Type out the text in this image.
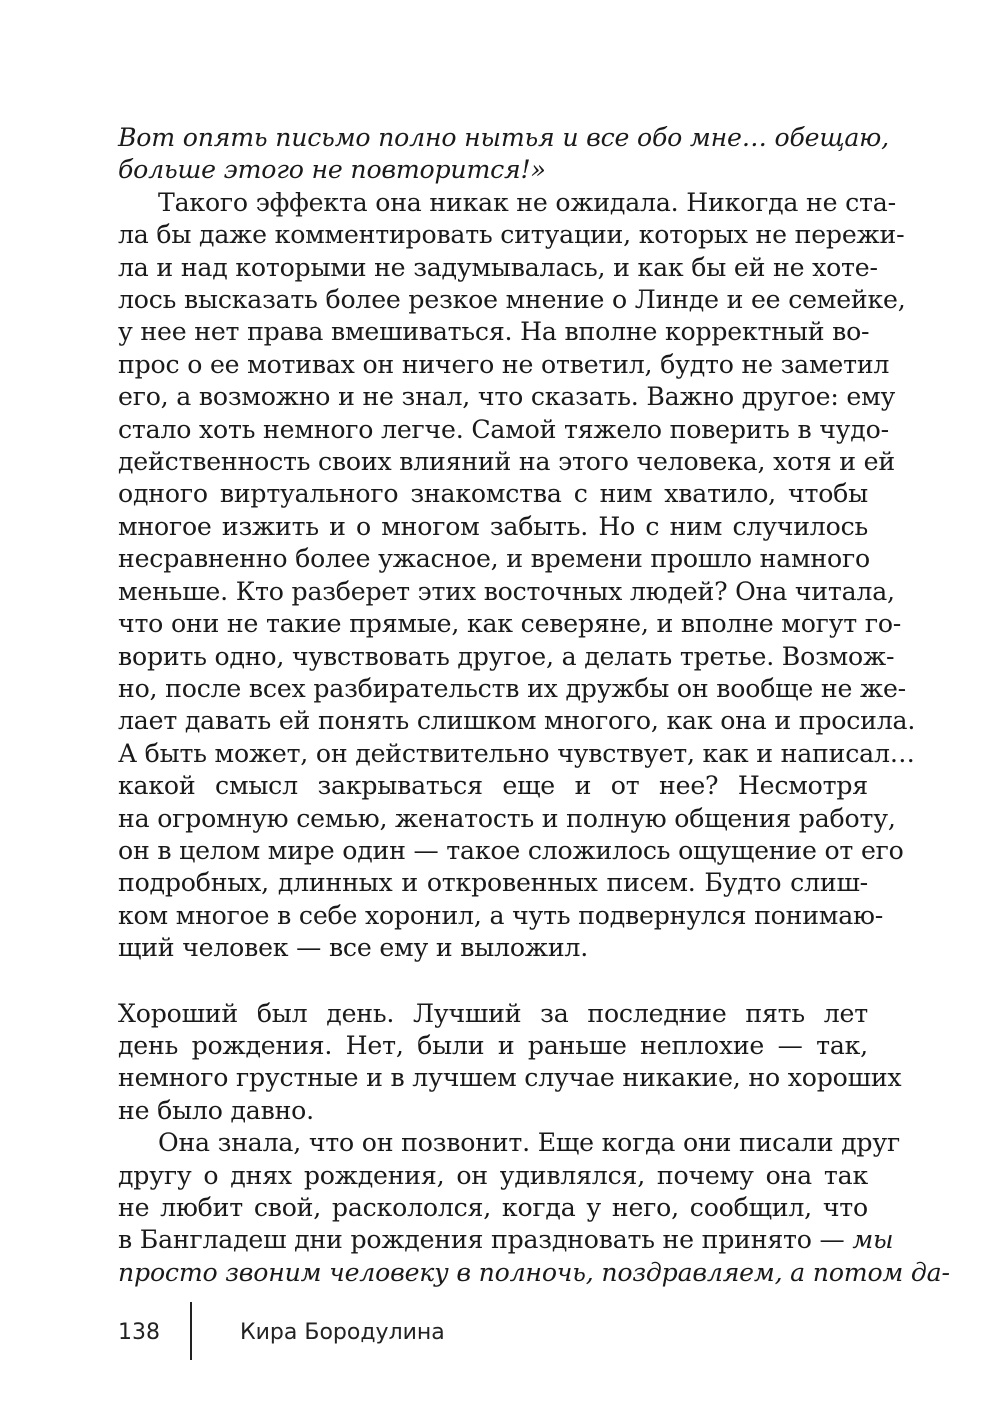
Вот опять письмо полно нытья и все обо мне… обещаю,
больше этого не повторится!»

Такого эффекта она никак не ожидала. Никогда не ста-
ла бы даже комментировать ситуации, которых не пережи-
ла и над которыми не задумывалась, и как бы ей не хоте-
лось высказать более резкое мнение о Линде и ее семейке,
у нее нет права вмешиваться. На вполне корректный во-
прос о ее мотивах он ничего не ответил, будто не заметил
его, а возможно и не знал, что сказать. Важно другое: ему
стало хоть немного легче. Самой тяжело поверить в чудо-
действенность своих влияний на этого человека, хотя и ей
одного виртуального знакомства с ним хватило, чтобы
многое изжить и о многом забыть. Но с ним случилось
несравненно более ужасное, и времени прошло намного
меньше. Кто разберет этих восточных людей? Она читала,
что они не такие прямые, как северяне, и вполне могут го-
ворить одно, чувствовать другое, а делать третье. Возмож-
но, после всех разбирательств их дружбы он вообще не же-
лает давать ей понять слишком многого, как она и просила.
А быть может, он действительно чувствует, как и написал…
какой смысл закрываться еще и от нее? Несмотря
на огромную семью, женатость и полную общения работу,
он в целом мире один — такое сложилось ощущение от его
подробных, длинных и откровенных писем. Будто слиш-
ком многое в себе хоронил, а чуть подвернулся понимаю-
щий человек — все ему и выложил.

Хороший был день. Лучший за последние пять лет
день рождения. Нет, были и раньше неплохие — так,
немного грустные и в лучшем случае никакие, но хороших
не было давно.

Она знала, что он позвонит. Еще когда они писали друг
другу о днях рождения, он удивлялся, почему она так
не любит свой, раскололся, когда у него, сообщил, что
в Бангладеш дни рождения праздновать не принято — мы
просто звоним человеку в полночь, поздравляем, а потом да-

138	Кира Бородулина
